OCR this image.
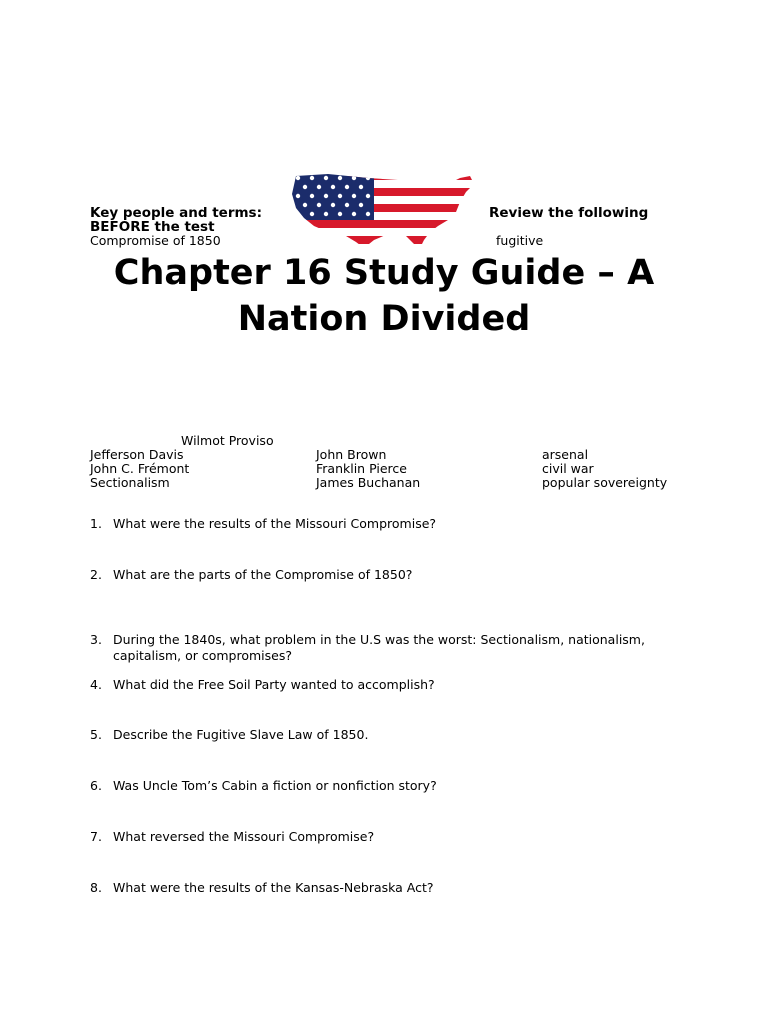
Key people and terms:	Review the following
BEFORE the test
Compromise of 1850	fugitive
Chapter 16 Study Guide – A
Nation Divided
Wilmot Proviso
Jefferson Davis
John C. Frémont
Sectionalism
John Brown
Franklin Pierce
James Buchanan
arsenal
civil war
popular sovereignty
1. What were the results of the Missouri Compromise?
2. What are the parts of the Compromise of 1850?
3. During the 1840s, what problem in the U.S was the worst: Sectionalism, nationalism, capitalism, or compromises?
4. What did the Free Soil Party wanted to accomplish?
5. Describe the Fugitive Slave Law of 1850.
6. Was Uncle Tom’s Cabin a fiction or nonfiction story?
7. What reversed the Missouri Compromise?
8. What were the results of the Kansas-Nebraska Act?
